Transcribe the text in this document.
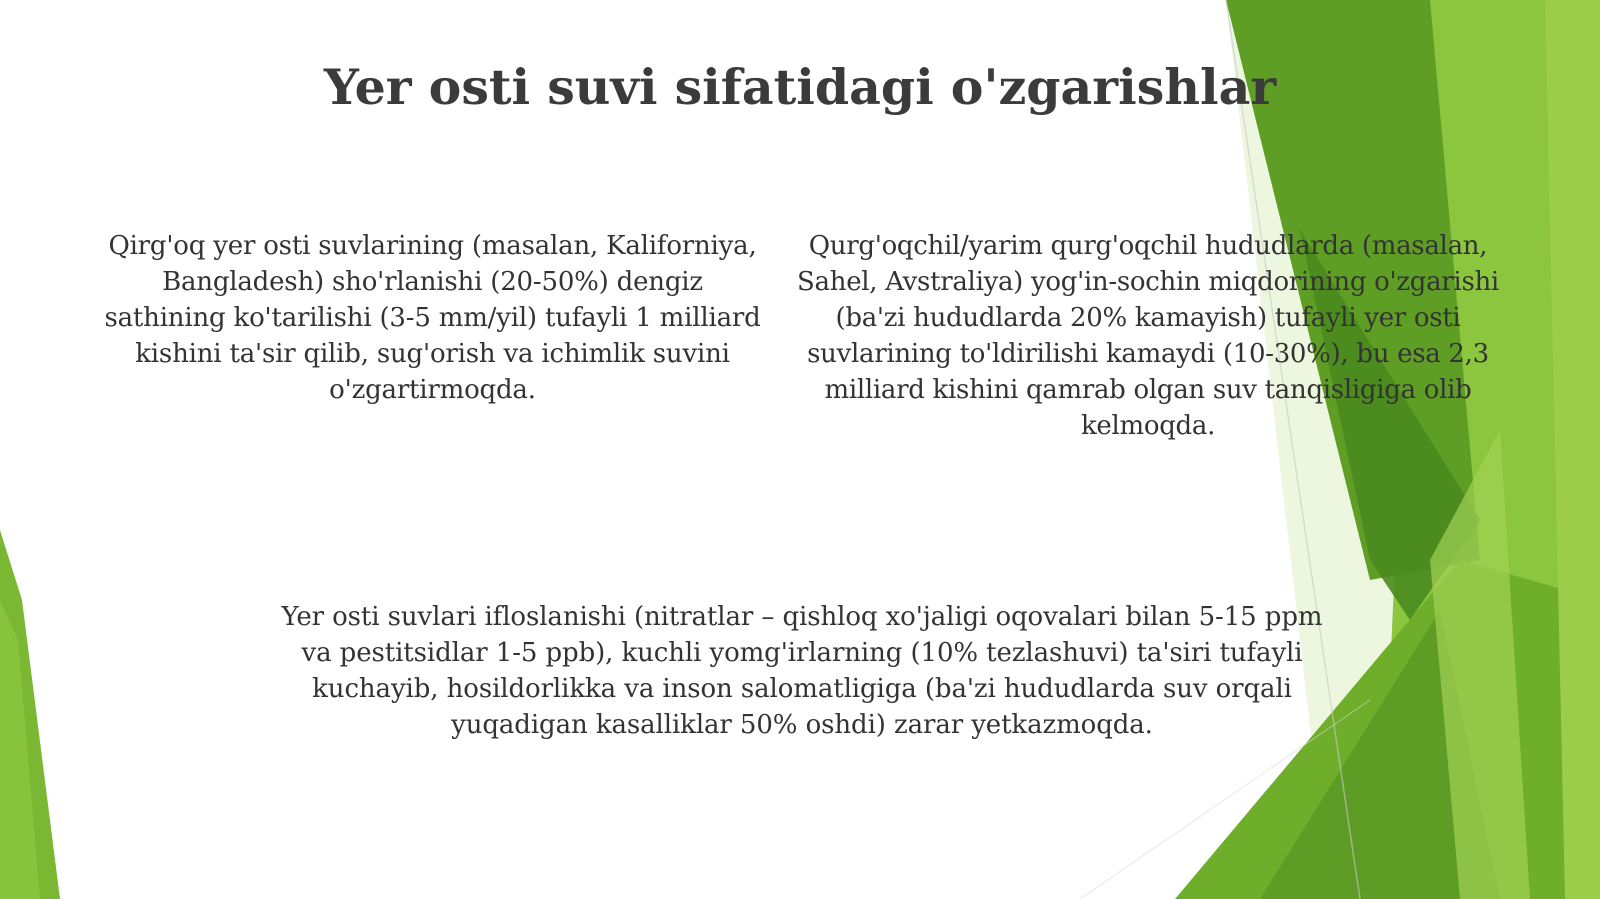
Yer osti suvi sifatidagi o'zgarishlar

Qirg'oq yer osti suvlarining (masalan, Kaliforniya, Bangladesh) sho'rlanishi (20-50%) dengiz sathining ko'tarilishi (3-5 mm/yil) tufayli 1 milliard kishini ta'sir qilib, sug'orish va ichimlik suvini o'zgartirmoqda.

Qurg'oqchil/yarim qurg'oqchil hududlarda (masalan, Sahel, Avstraliya) yog'in-sochin miqdorining o'zgarishi (ba'zi hududlarda 20% kamayish) tufayli yer osti suvlarining to'ldirilishi kamaydi (10-30%), bu esa 2,3 milliard kishini qamrab olgan suv tanqisligiga olib kelmoqda.

Yer osti suvlari ifloslanishi (nitratlar – qishloq xo'jaligi oqovalari bilan 5-15 ppm va pestitsidlar 1-5 ppb), kuchli yomg'irlarning (10% tezlashuvi) ta'siri tufayli kuchayib, hosildorlikka va inson salomatligiga (ba'zi hududlarda suv orqali yuqadigan kasalliklar 50% oshdi) zarar yetkazmoqda.
